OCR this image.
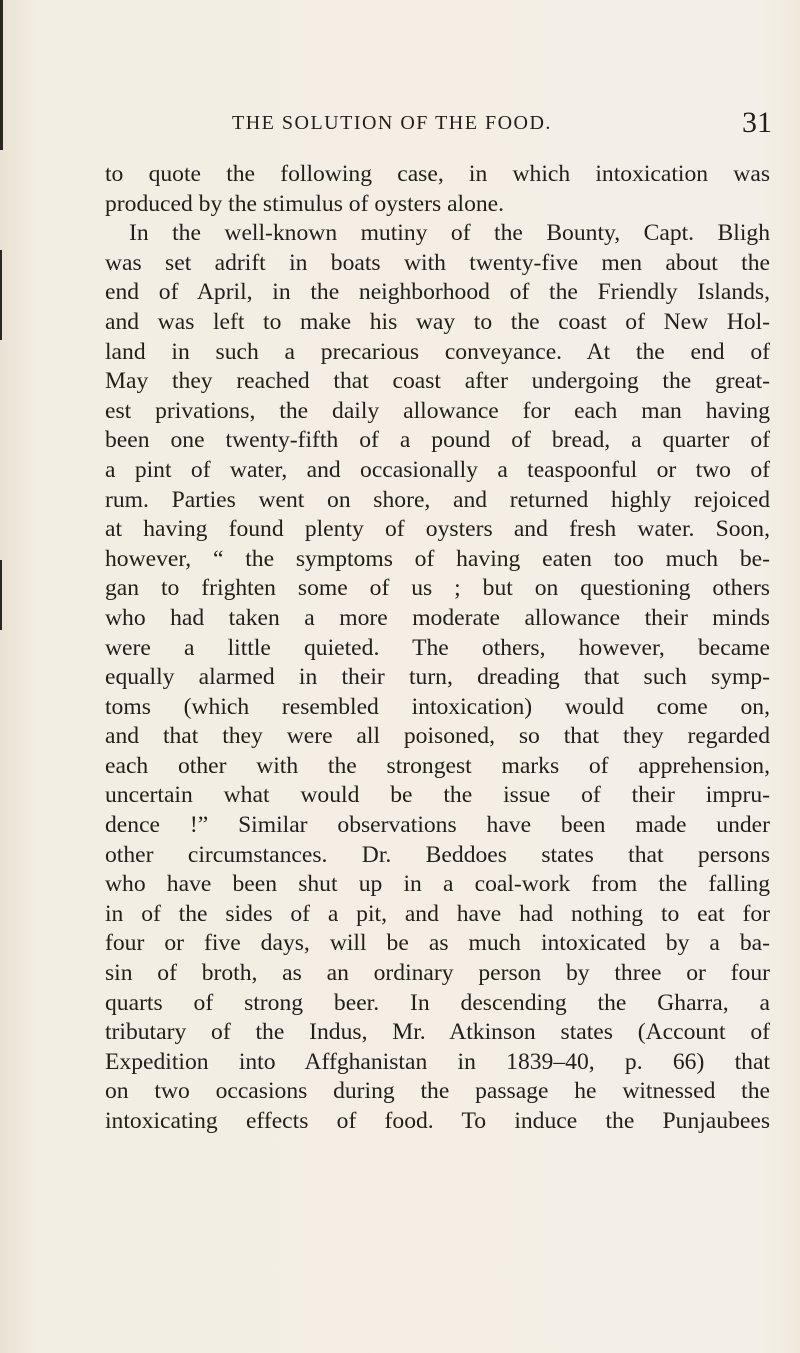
THE SOLUTION OF THE FOOD.	31
to quote the following case, in which intoxication was
produced by the stimulus of oysters alone.
In the well-known mutiny of the Bounty, Capt. Bligh
was set adrift in boats with twenty-five men about the
end of April, in the neighborhood of the Friendly Islands,
and was left to make his way to the coast of New Hol-
land in such a precarious conveyance. At the end of
May they reached that coast after undergoing the great-
est privations, the daily allowance for each man having
been one twenty-fifth of a pound of bread, a quarter of
a pint of water, and occasionally a teaspoonful or two of
rum. Parties went on shore, and returned highly rejoiced
at having found plenty of oysters and fresh water. Soon,
however, “ the symptoms of having eaten too much be-
gan to frighten some of us ; but on questioning others
who had taken a more moderate allowance their minds
were a little quieted. The others, however, became
equally alarmed in their turn, dreading that such symp-
toms (which resembled intoxication) would come on,
and that they were all poisoned, so that they regarded
each other with the strongest marks of apprehension,
uncertain what would be the issue of their impru-
dence !” Similar observations have been made under
other circumstances. Dr. Beddoes states that persons
who have been shut up in a coal-work from the falling
in of the sides of a pit, and have had nothing to eat for
four or five days, will be as much intoxicated by a ba-
sin of broth, as an ordinary person by three or four
quarts of strong beer. In descending the Gharra, a
tributary of the Indus, Mr. Atkinson states (Account of
Expedition into Affghanistan in 1839–40, p. 66) that
on two occasions during the passage he witnessed the
intoxicating effects of food. To induce the Punjaubees
